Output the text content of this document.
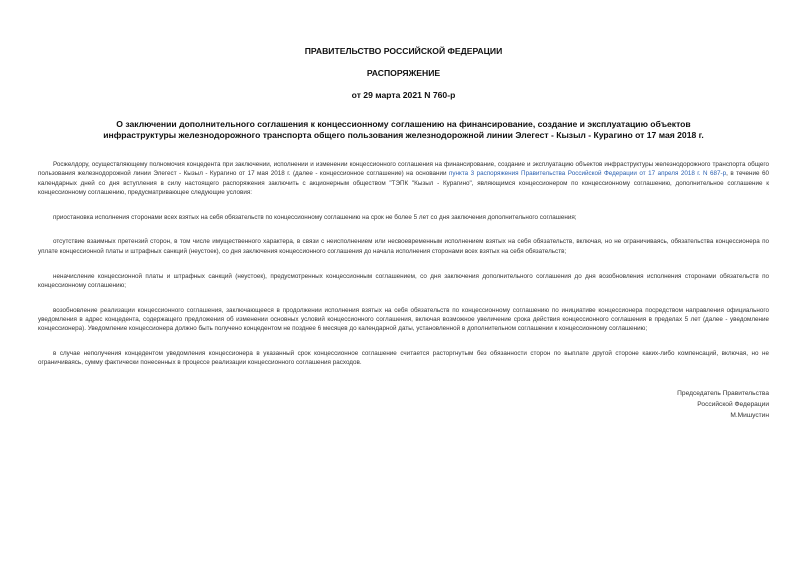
ПРАВИТЕЛЬСТВО РОССИЙСКОЙ ФЕДЕРАЦИИ
РАСПОРЯЖЕНИЕ
от 29 марта 2021 N 760-р
О заключении дополнительного соглашения к концессионному соглашению на финансирование, создание и эксплуатацию объектов инфраструктуры железнодорожного транспорта общего пользования железнодорожной линии Элегест - Кызыл - Курагино от 17 мая 2018 г.

Росжелдору, осуществляющему полномочия концедента при заключении, исполнении и изменении концессионного соглашения на финансирование, создание и эксплуатацию объектов инфраструктуры железнодорожного транспорта общего пользования железнодорожной линии Элегест - Кызыл - Курагино от 17 мая 2018 г. (далее - концессионное соглашение) на основании пункта 3 распоряжения Правительства Российской Федерации от 17 апреля 2018 г. N 687-р, в течение 60 календарных дней со дня вступления в силу настоящего распоряжения заключить с акционерным обществом "ТЭПК "Кызыл - Курагино", являющимся концессионером по концессионному соглашению, дополнительное соглашение к концессионному соглашению, предусматривающее следующие условия:

приостановка исполнения сторонами всех взятых на себя обязательств по концессионному соглашению на срок не более 5 лет со дня заключения дополнительного соглашения;

отсутствие взаимных претензий сторон, в том числе имущественного характера, в связи с неисполнением или несвоевременным исполнением взятых на себя обязательств, включая, но не ограничиваясь, обязательства концессионера по уплате концессионной платы и штрафных санкций (неустоек), со дня заключения концессионного соглашения до начала исполнения сторонами всех взятых на себя обязательств;

неначисление концессионной платы и штрафных санкций (неустоек), предусмотренных концессионным соглашением, со дня заключения дополнительного соглашения до дня возобновления исполнения сторонами обязательств по концессионному соглашению;

возобновление реализации концессионного соглашения, заключающееся в продолжении исполнения взятых на себя обязательств по концессионному соглашению по инициативе концессионера посредством направления официального уведомления в адрес концедента, содержащего предложения об изменении основных условий концессионного соглашения, включая возможное увеличение срока действия концессионного соглашения в пределах 5 лет (далее - уведомление концессионера). Уведомление концессионера должно быть получено концедентом не позднее 6 месяцев до календарной даты, установленной в дополнительном соглашении к концессионному соглашению;

в случае неполучения концедентом уведомления концессионера в указанный срок концессионное соглашение считается расторгнутым без обязанности сторон по выплате другой стороне каких-либо компенсаций, включая, но не ограничиваясь, сумму фактически понесенных в процессе реализации концессионного соглашения расходов.

Председатель Правительства
Российской Федерации
М.Мишустин
